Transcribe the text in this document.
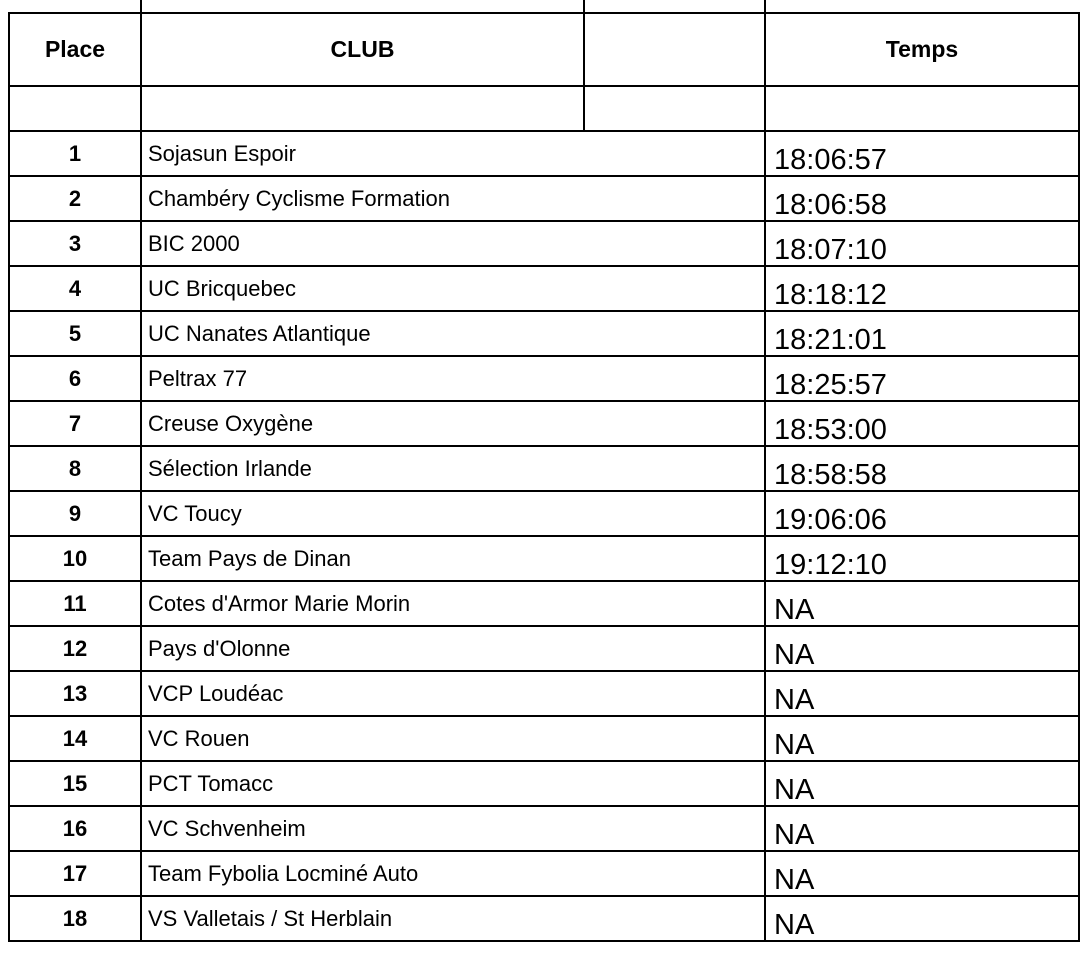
Place	CLUB		Temps

1	Sojasun Espoir		18:06:57
2	Chambéry Cyclisme Formation		18:06:58
3	BIC 2000		18:07:10
4	UC Bricquebec		18:18:12
5	UC Nanates Atlantique		18:21:01
6	Peltrax 77		18:25:57
7	Creuse Oxygène		18:53:00
8	Sélection Irlande		18:58:58
9	VC Toucy		19:06:06
10	Team Pays de Dinan		19:12:10
11	Cotes d'Armor Marie Morin		NA
12	Pays d'Olonne		NA
13	VCP Loudéac		NA
14	VC Rouen		NA
15	PCT Tomacc		NA
16	VC Schvenheim		NA
17	Team Fybolia Locminé Auto		NA
18	VS Valletais / St Herblain		NA
